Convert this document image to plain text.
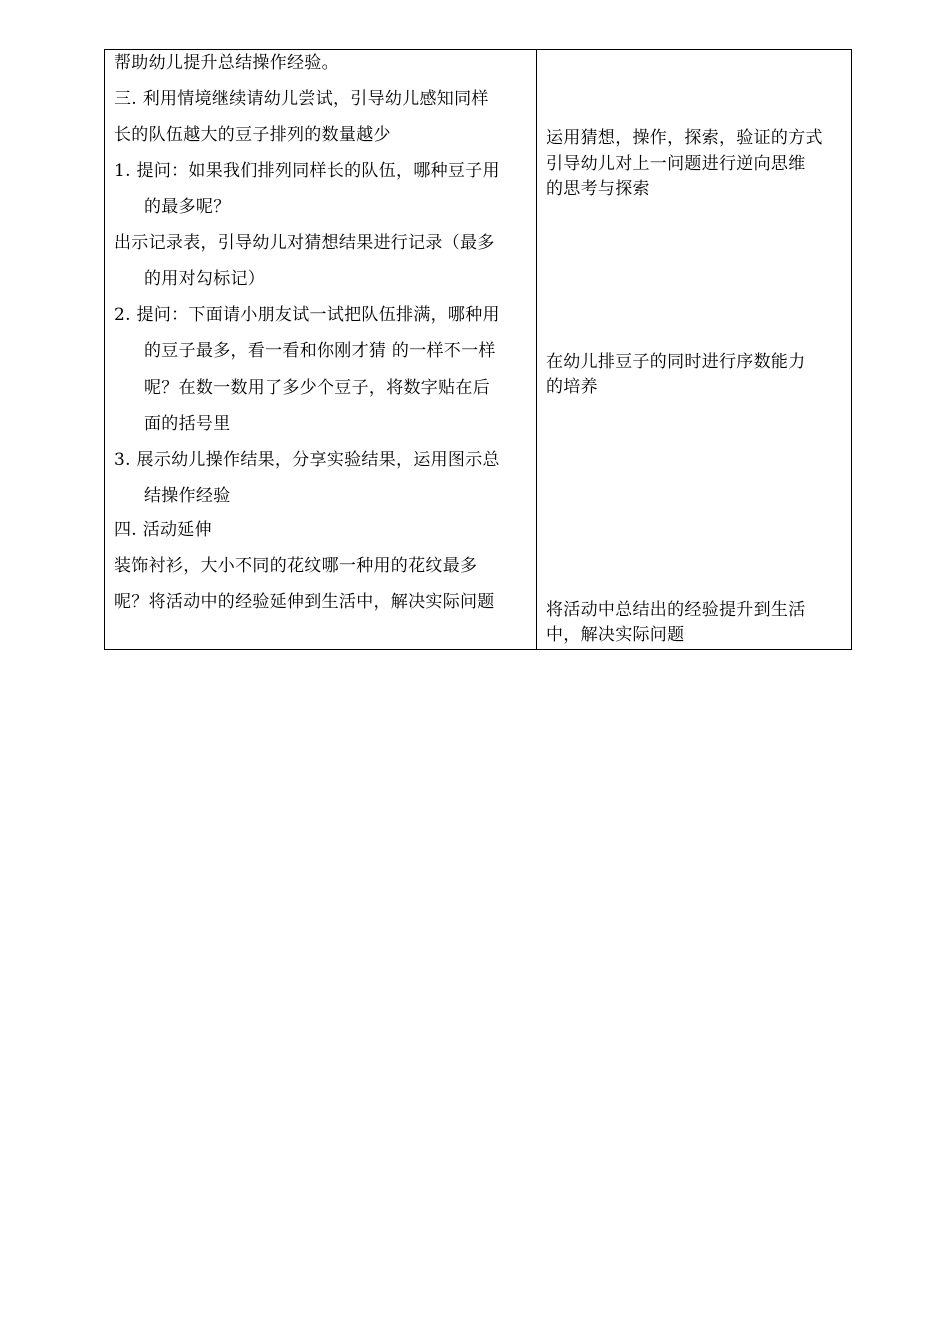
帮助幼儿提升总结操作经验。
三. 利用情境继续请幼儿尝试，引导幼儿感知同样
长的队伍越大的豆子排列的数量越少
1. 提问：如果我们排列同样长的队伍，哪种豆子用
的最多呢？
出示记录表，引导幼儿对猜想结果进行记录（最多
的用对勾标记）
2. 提问：下面请小朋友试一试把队伍排满，哪种用
的豆子最多，看一看和你刚才猜 的一样不一样
呢？在数一数用了多少个豆子，将数字贴在后
面的括号里
3. 展示幼儿操作结果，分享实验结果，运用图示总
结操作经验
四. 活动延伸
装饰衬衫，大小不同的花纹哪一种用的花纹最多
呢？将活动中的经验延伸到生活中，解决实际问题
运用猜想，操作，探索，验证的方式
引导幼儿对上一问题进行逆向思维
的思考与探索
在幼儿排豆子的同时进行序数能力
的培养
将活动中总结出的经验提升到生活
中，解决实际问题
